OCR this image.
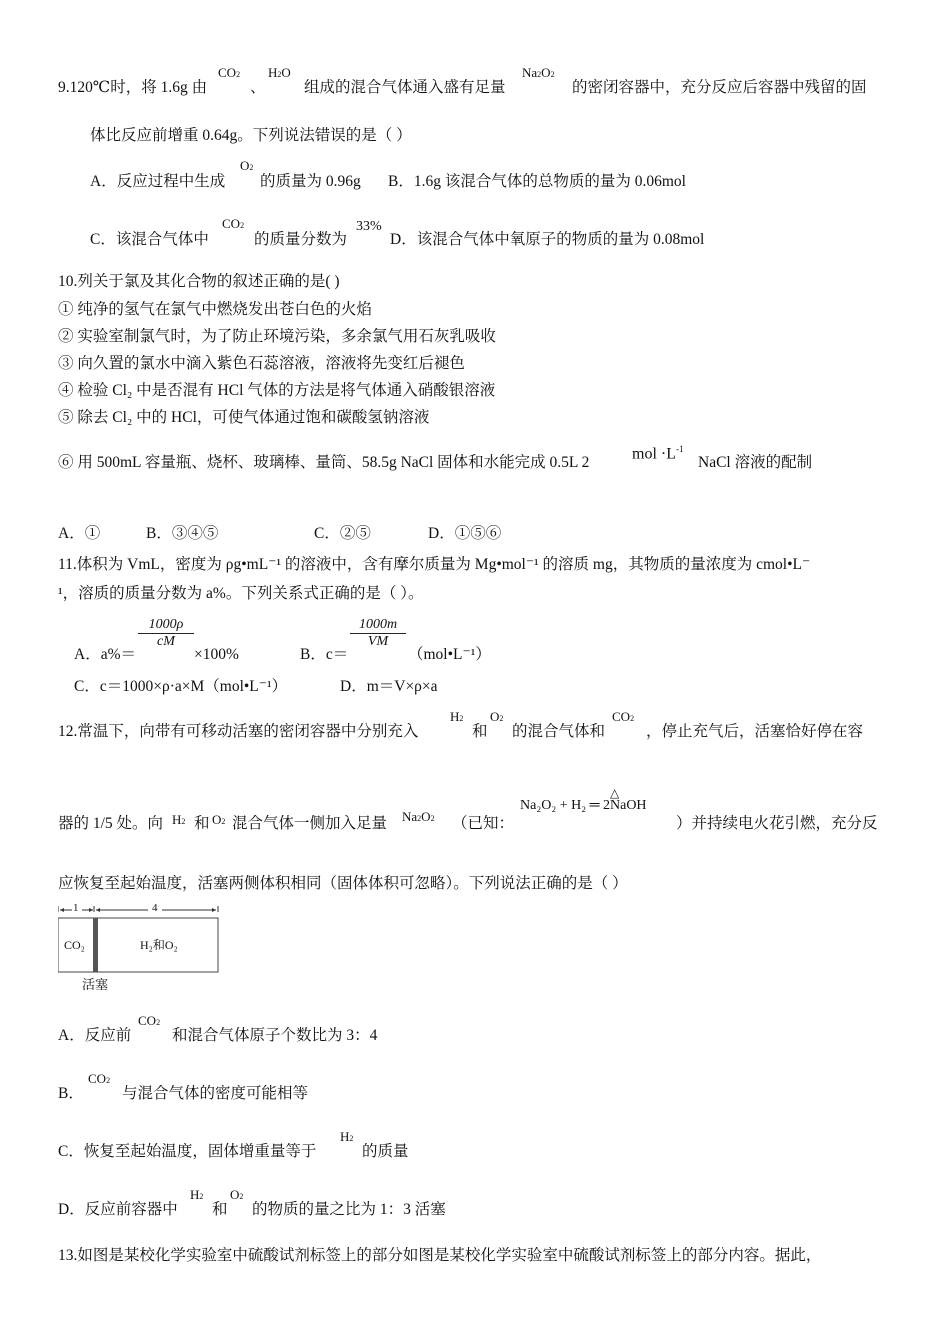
9.120℃时，将 1.6g 由
CO2
、
H2O
组成的混合气体通入盛有足量
Na2O2
的密闭容器中，充分反应后容器中残留的固
体比反应前增重 0.64g。下列说法错误的是（ ）
A．反应过程中生成
O2
的质量为 0.96g B．1.6g 该混合气体的总物质的量为 0.06mol
C．该混合气体中
CO2
的质量分数为
33%
D．该混合气体中氧原子的物质的量为 0.08mol
10.列关于氯及其化合物的叙述正确的是( )
① 纯净的氢气在氯气中燃烧发出苍白色的火焰
② 实验室制氯气时，为了防止环境污染，多余氯气用石灰乳吸收
③ 向久置的氯水中滴入紫色石蕊溶液，溶液将先变红后褪色
④ 检验 Cl₂ 中是否混有 HCl 气体的方法是将气体通入硝酸银溶液
⑤ 除去 Cl₂ 中的 HCl，可使气体通过饱和碳酸氢钠溶液
⑥ 用 500mL 容量瓶、烧杯、玻璃棒、量筒、58.5g NaCl 固体和水能完成 0.5L 2
mol $\cdot L^{-1}$
NaCl 溶液的配制
A．①	B．③④⑤	C．②⑤	D．①⑤⑥
11.体积为 VmL，密度为 ρg•mL⁻¹ 的溶液中，含有摩尔质量为 Mg•mol⁻¹ 的溶质 mg，其物质的量浓度为 cmol•L⁻
¹，溶质的质量分数为 a%。下列关系式正确的是（ ）。
A．a%＝
$\frac{1000\rho}{cM}$
×100%	B．c＝
$\frac{1000m}{VM}$
（mol•L⁻¹）
C．c＝1000×ρ·a×M（mol•L⁻¹）	D．m＝V×ρ×a
12.常温下，向带有可移动活塞的密闭容器中分别充入
H2
和
O2
的混合气体和
CO2
，停止充气后，活塞恰好停在容
器的 1/5 处。向 H2 和 O2 混合气体一侧加入足量 Na2O2 （已知：
△
Na₂O₂ + H₂ ═ 2NaOH
）并持续电火花引燃，充分反
应恢复至起始温度，活塞两侧体积相同（固体体积可忽略）。下列说法正确的是（ ）
1	4
CO₂	H₂和O₂
活塞
A．反应前
CO2
和混合气体原子个数比为 3：4
B．
CO2
与混合气体的密度可能相等
C．恢复至起始温度，固体增重量等于
H2
的质量
D．反应前容器中
H2
和
O2
的物质的量之比为 1：3 活塞
13.如图是某校化学实验室中硫酸试剂标签上的部分如图是某校化学实验室中硫酸试剂标签上的部分内容。据此，
